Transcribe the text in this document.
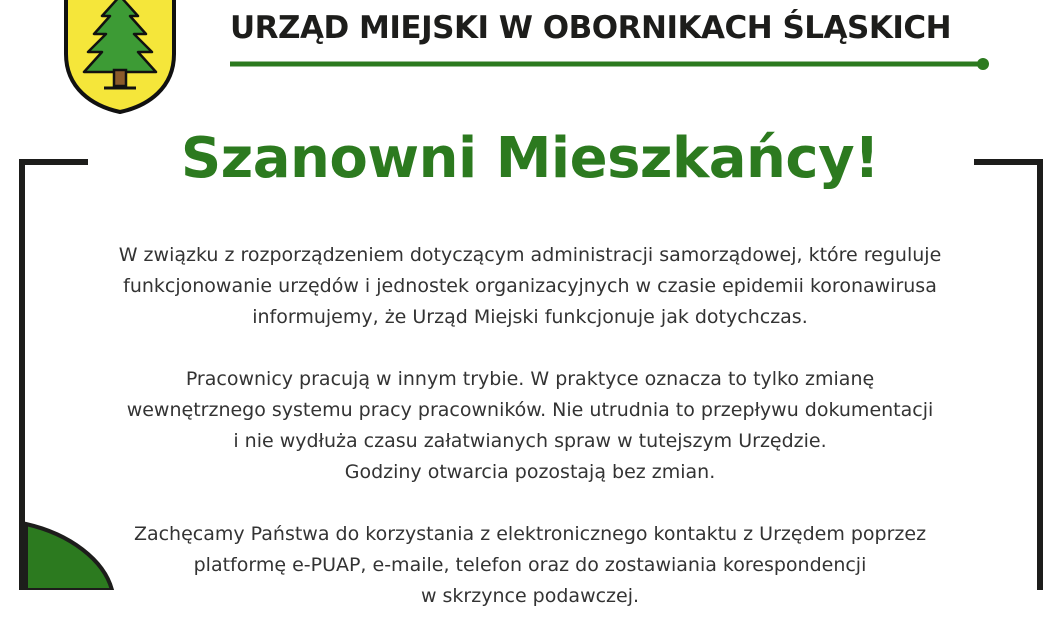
URZĄD MIEJSKI W OBORNIKACH ŚLĄSKICH
Szanowni Mieszkańcy!
W związku z rozporządzeniem dotyczącym administracji samorządowej, które reguluje
funkcjonowanie urzędów i jednostek organizacyjnych w czasie epidemii koronawirusa
informujemy, że Urząd Miejski funkcjonuje jak dotychczas.
Pracownicy pracują w innym trybie. W praktyce oznacza to tylko zmianę
wewnętrznego systemu pracy pracowników. Nie utrudnia to przepływu dokumentacji
i nie wydłuża czasu załatwianych spraw w tutejszym Urzędzie.
Godziny otwarcia pozostają bez zmian.
Zachęcamy Państwa do korzystania z elektronicznego kontaktu z Urzędem poprzez
platformę e-PUAP, e-maile, telefon oraz do zostawiania korespondencji
w skrzynce podawczej.
